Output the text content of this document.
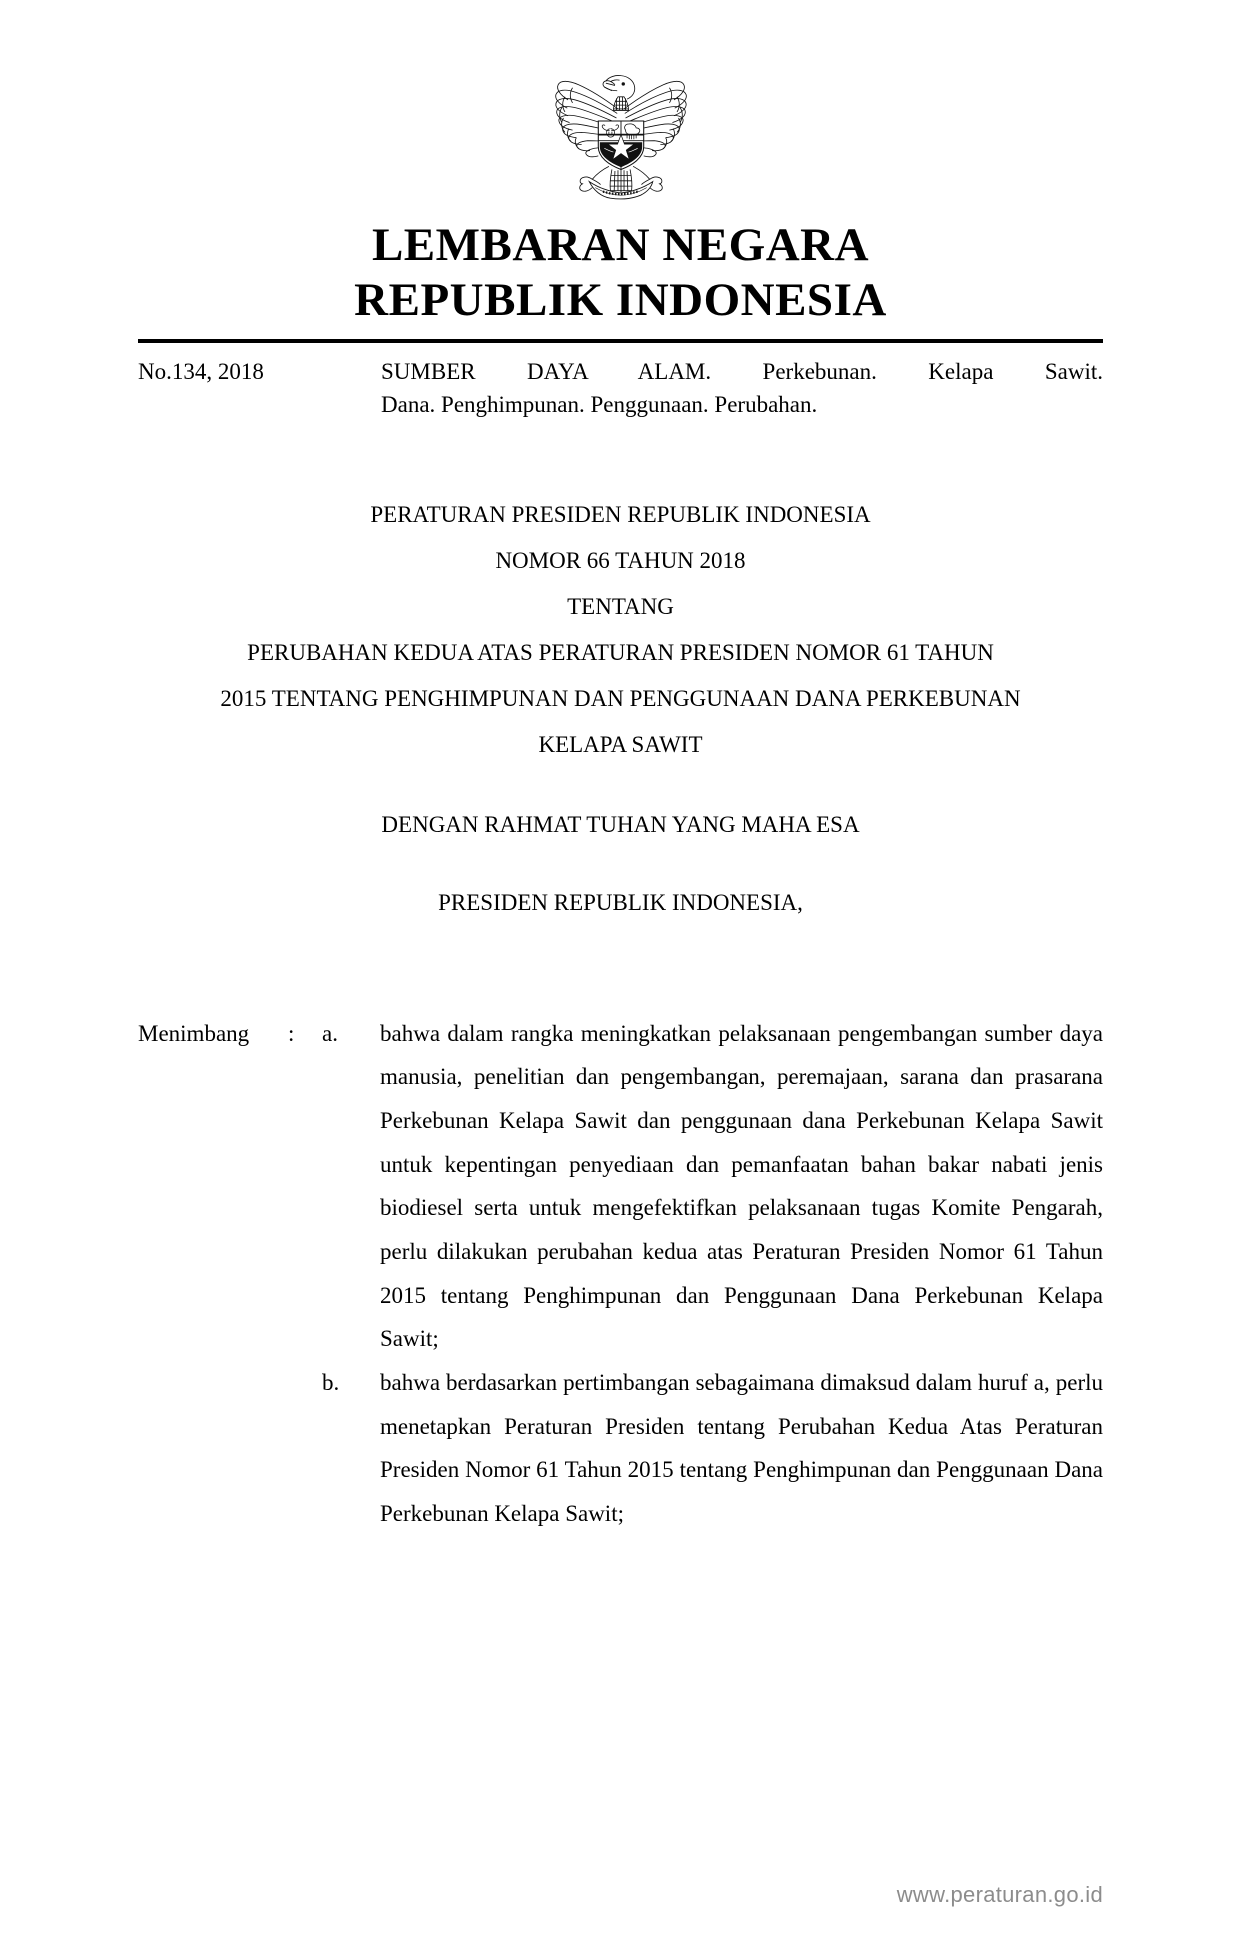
LEMBARAN NEGARA
REPUBLIK INDONESIA
No.134, 2018	SUMBER DAYA ALAM. Perkebunan. Kelapa Sawit.
Dana. Penghimpunan. Penggunaan. Perubahan.
PERATURAN PRESIDEN REPUBLIK INDONESIA
NOMOR 66 TAHUN 2018
TENTANG
PERUBAHAN KEDUA ATAS PERATURAN PRESIDEN NOMOR 61 TAHUN
2015 TENTANG PENGHIMPUNAN DAN PENGGUNAAN DANA PERKEBUNAN
KELAPA SAWIT
DENGAN RAHMAT TUHAN YANG MAHA ESA
PRESIDEN REPUBLIK INDONESIA,
Menimbang	:	a.	bahwa dalam rangka meningkatkan pelaksanaan pengembangan sumber daya manusia, penelitian dan pengembangan, peremajaan, sarana dan prasarana Perkebunan Kelapa Sawit dan penggunaan dana Perkebunan Kelapa Sawit untuk kepentingan penyediaan dan pemanfaatan bahan bakar nabati jenis biodiesel serta untuk mengefektifkan pelaksanaan tugas Komite Pengarah, perlu dilakukan perubahan kedua atas Peraturan Presiden Nomor 61 Tahun 2015 tentang Penghimpunan dan Penggunaan Dana Perkebunan Kelapa Sawit;
b.	bahwa berdasarkan pertimbangan sebagaimana dimaksud dalam huruf a, perlu menetapkan Peraturan Presiden tentang Perubahan Kedua Atas Peraturan Presiden Nomor 61 Tahun 2015 tentang Penghimpunan dan Penggunaan Dana Perkebunan Kelapa Sawit;
www.peraturan.go.id
